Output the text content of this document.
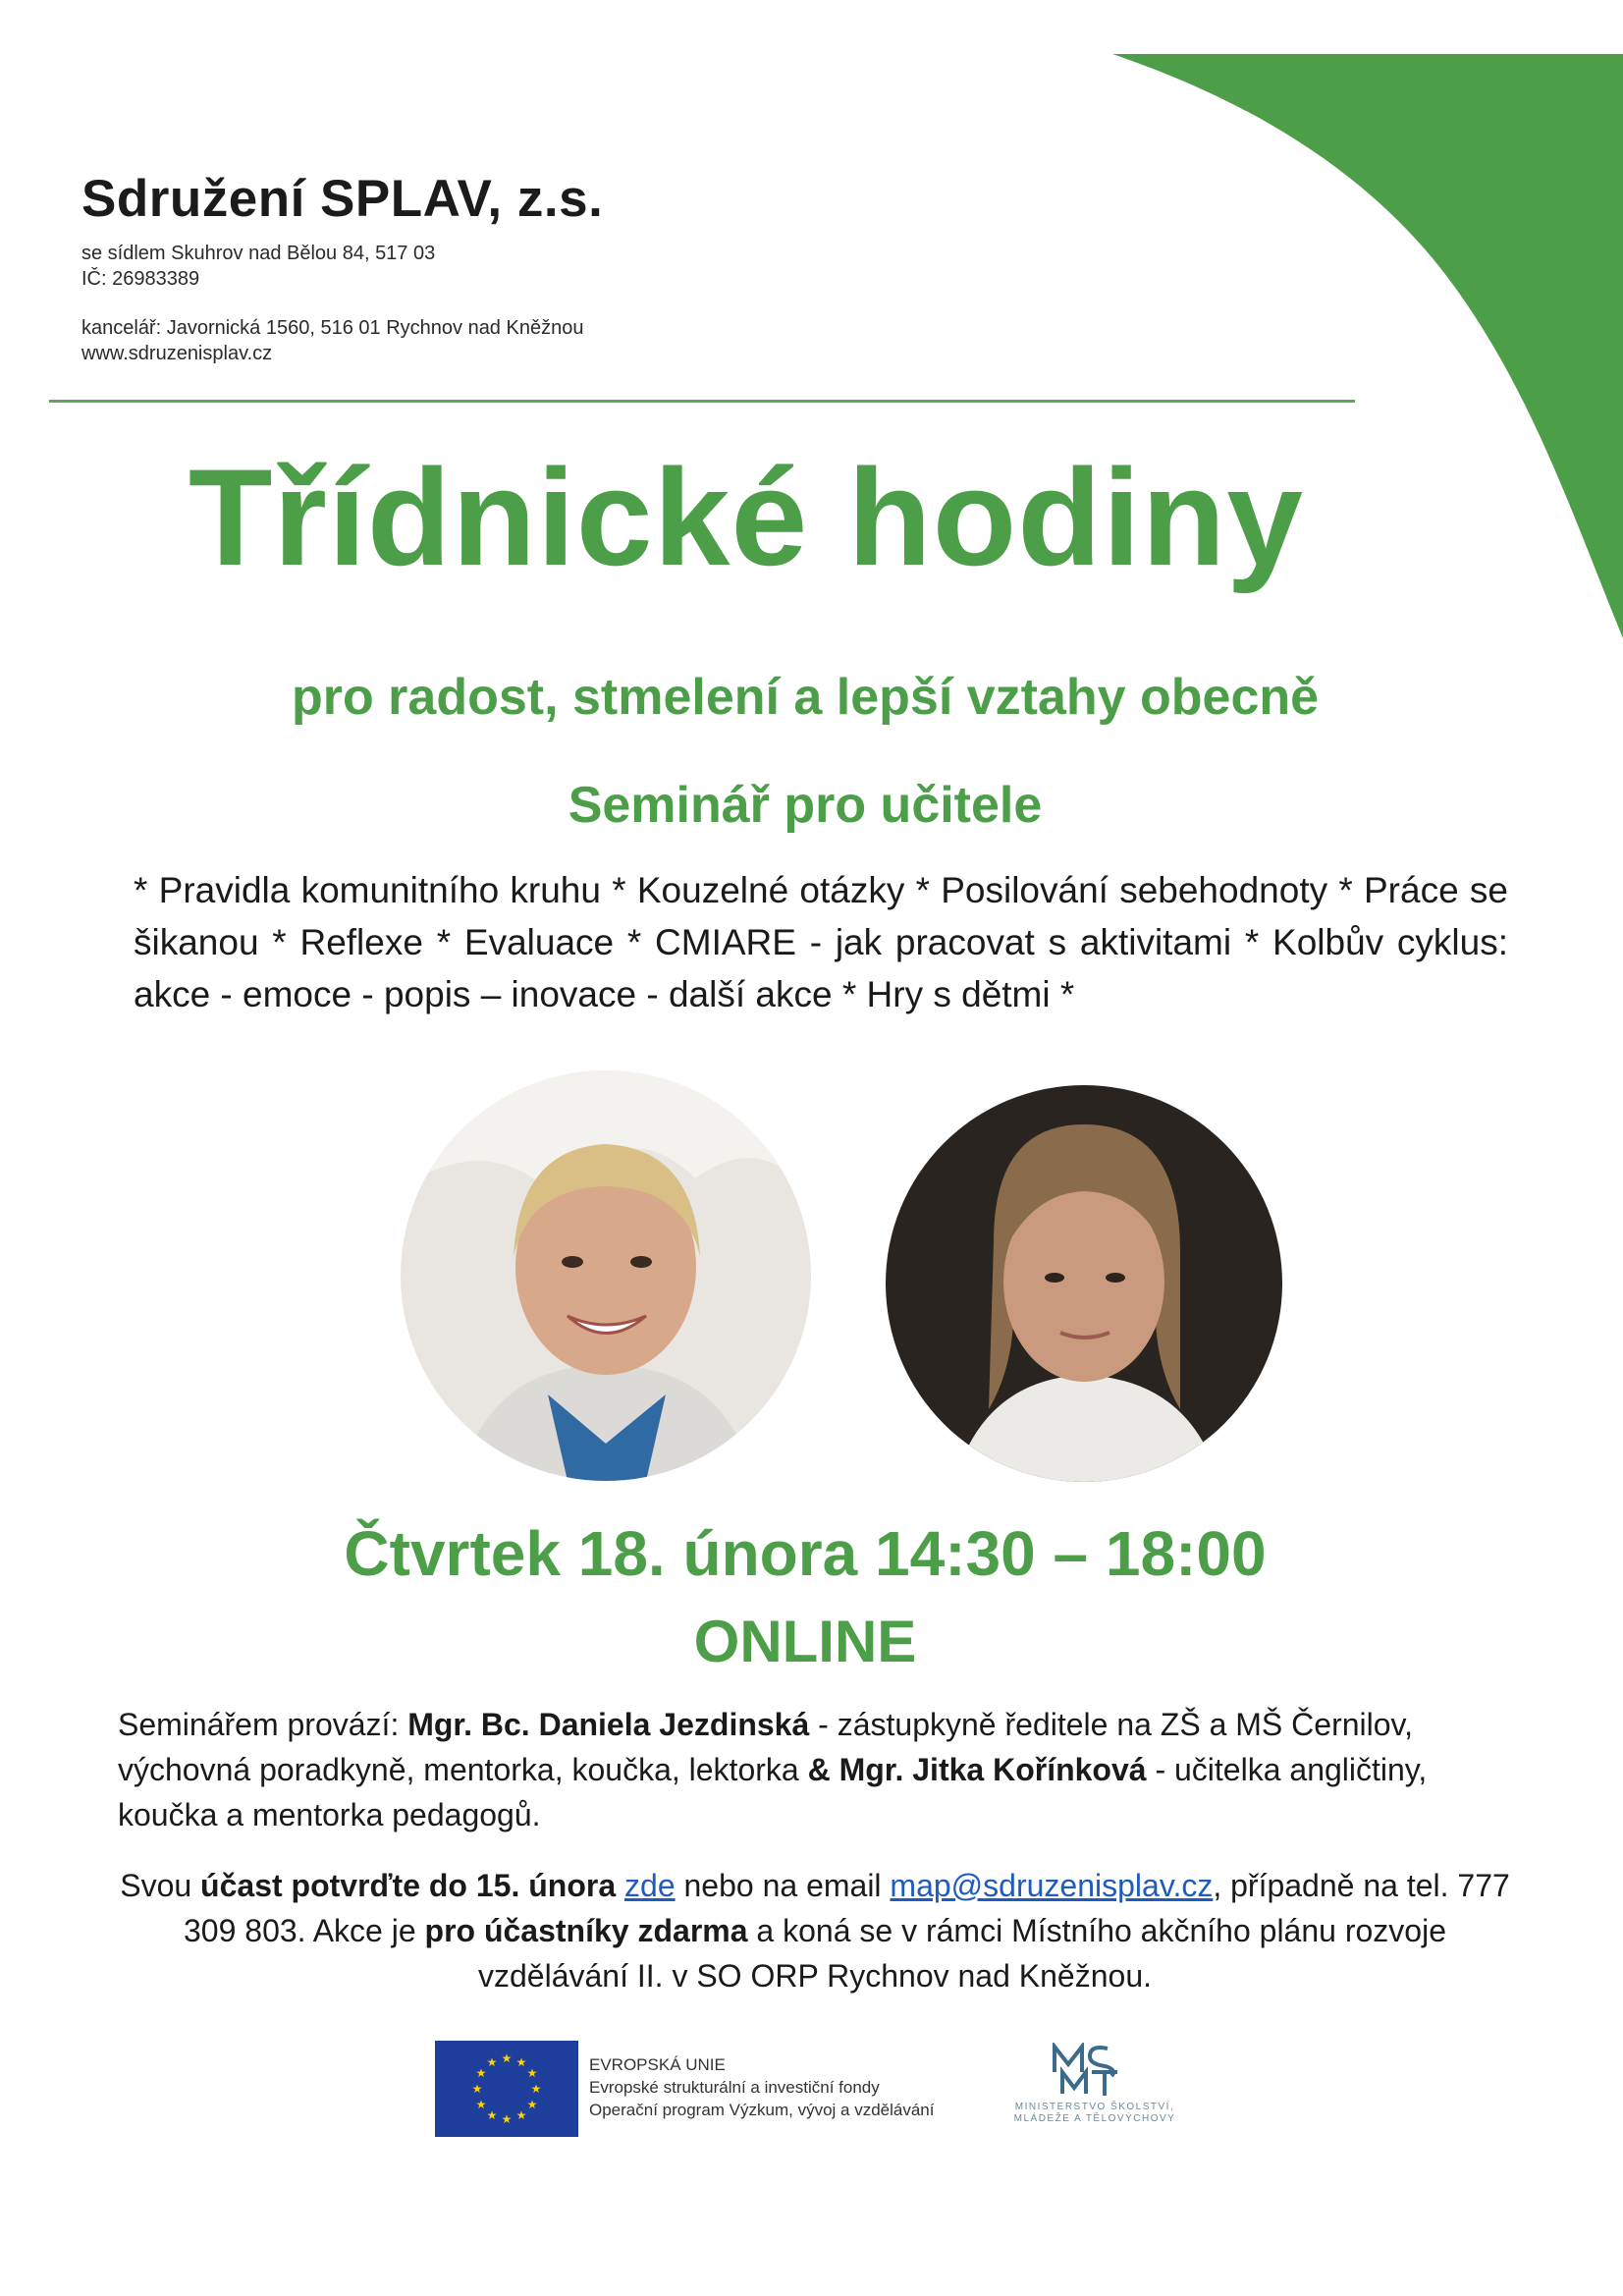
Sdružení SPLAV, z.s.
se sídlem Skuhrov nad Bělou 84, 517 03
IČ: 26983389
kancelář: Javornická 1560, 516 01 Rychnov nad Kněžnou
www.sdruzenisplav.cz
Třídnické hodiny
pro radost, stmelení a lepší vztahy obecně
Seminář pro učitele
* Pravidla komunitního kruhu * Kouzelné otázky * Posilování sebehodnoty * Práce se šikanou * Reflexe * Evaluace * CMIARE - jak pracovat s aktivitami * Kolbův cyklus: akce - emoce - popis – inovace - další akce * Hry s dětmi *
Čtvrtek 18. února 14:30 – 18:00
ONLINE
Seminářem provází: Mgr. Bc. Daniela Jezdinská - zástupkyně ředitele na ZŠ a MŠ Černilov, výchovná poradkyně, mentorka, koučka, lektorka & Mgr. Jitka Kořínková - učitelka angličtiny, koučka a mentorka pedagogů.
Svou účast potvrďte do 15. února zde nebo na email map@sdruzenisplav.cz, případně na tel. 777 309 803. Akce je pro účastníky zdarma a koná se v rámci Místního akčního plánu rozvoje vzdělávání II. v SO ORP Rychnov nad Kněžnou.
★ ★
★
★
★
★
★
★
★
★
★
★	EVROPSKÁ UNIE
Evropské strukturální a investiční fondy
Operační program Výzkum, vývoj a vzdělávání	MINISTERSTVO ŠKOLSTVÍ,
MLÁDEŽE A TĚLOVÝCHOVY
